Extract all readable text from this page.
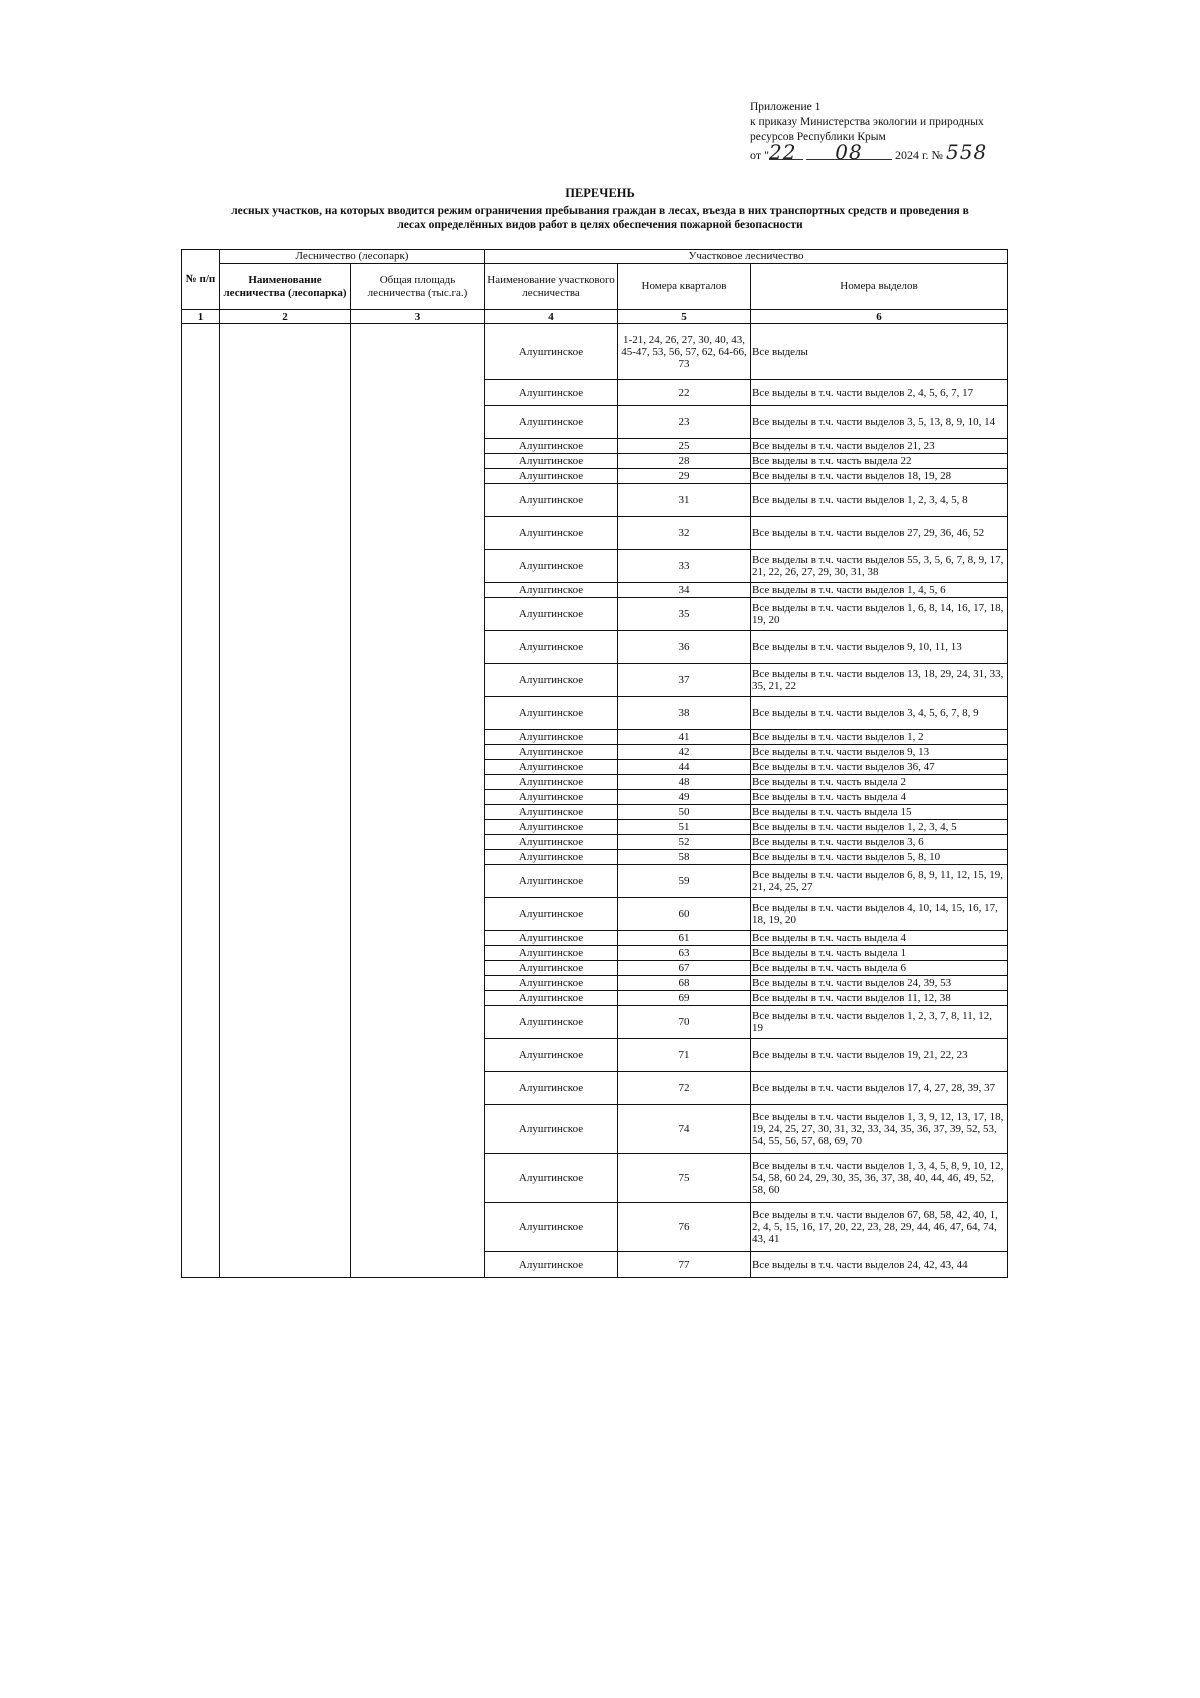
Приложение 1
к приказу Министерства экологии и природных
ресурсов Республики Крым
от "22 08	2024 г. № 558
ПЕРЕЧЕНЬ
лесных участков, на которых вводится режим ограничения пребывания граждан в лесах, въезда в них транспортных средств и проведения в
лесах определённых видов работ в целях обеспечения пожарной безопасности
№ п/п	Лесничество (лесопарк)		Участковое лесничество		
	Наименование лесничества (лесопарка)	Общая площадь лесничества (тыс.га.)	Наименование участкового лесничества	Номера кварталов	Номера выделов
1	2	3	4	5	6
			Алуштинское	1-21, 24, 26, 27, 30, 40, 43, 45-47, 53, 56, 57, 62, 64-66, 73	Все выделы
			Алуштинское	22	Все выделы в т.ч. части выделов 2, 4, 5, 6, 7, 17
			Алуштинское	23	Все выделы в т.ч. части выделов 3, 5, 13, 8, 9, 10, 14
			Алуштинское	25	Все выделы в т.ч. части выделов 21, 23
			Алуштинское	28	Все выделы в т.ч. часть выдела 22
			Алуштинское	29	Все выделы в т.ч. части выделов 18, 19, 28
			Алуштинское	31	Все выделы в т.ч. части выделов 1, 2, 3, 4, 5, 8
			Алуштинское	32	Все выделы в т.ч. части выделов 27, 29, 36, 46, 52
			Алуштинское	33	Все выделы в т.ч. части выделов 55, 3, 5, 6, 7, 8, 9, 17, 21, 22, 26, 27, 29, 30, 31, 38
			Алуштинское	34	Все выделы в т.ч. части выделов 1, 4, 5, 6
			Алуштинское	35	Все выделы в т.ч. части выделов 1, 6, 8, 14, 16, 17, 18, 19, 20
			Алуштинское	36	Все выделы в т.ч. части выделов 9, 10, 11, 13
			Алуштинское	37	Все выделы в т.ч. части выделов 13, 18, 29, 24, 31, 33, 35, 21, 22
			Алуштинское	38	Все выделы в т.ч. части выделов 3, 4, 5, 6, 7, 8, 9
			Алуштинское	41	Все выделы в т.ч. части выделов 1, 2
			Алуштинское	42	Все выделы в т.ч. части выделов 9, 13
			Алуштинское	44	Все выделы в т.ч. части выделов 36, 47
			Алуштинское	48	Все выделы в т.ч. часть выдела 2
			Алуштинское	49	Все выделы в т.ч. часть выдела 4
			Алуштинское	50	Все выделы в т.ч. часть выдела 15
			Алуштинское	51	Все выделы в т.ч. части выделов 1, 2, 3, 4, 5
			Алуштинское	52	Все выделы в т.ч. части выделов 3, 6
			Алуштинское	58	Все выделы в т.ч. части выделов 5, 8, 10
			Алуштинское	59	Все выделы в т.ч. части выделов 6, 8, 9, 11, 12, 15, 19, 21, 24, 25, 27
			Алуштинское	60	Все выделы в т.ч. части выделов 4, 10, 14, 15, 16, 17, 18, 19, 20
			Алуштинское	61	Все выделы в т.ч. часть выдела 4
			Алуштинское	63	Все выделы в т.ч. часть выдела 1
			Алуштинское	67	Все выделы в т.ч. часть выдела 6
			Алуштинское	68	Все выделы в т.ч. части выделов 24, 39, 53
			Алуштинское	69	Все выделы в т.ч. части выделов 11, 12, 38
			Алуштинское	70	Все выделы в т.ч. части выделов 1, 2, 3, 7, 8, 11, 12, 19
			Алуштинское	71	Все выделы в т.ч. части выделов 19, 21, 22, 23
			Алуштинское	72	Все выделы в т.ч. части выделов 17, 4, 27, 28, 39, 37
			Алуштинское	74	Все выделы в т.ч. части выделов 1, 3, 9, 12, 13, 17, 18, 19, 24, 25, 27, 30, 31, 32, 33, 34, 35, 36, 37, 39, 52, 53, 54, 55, 56, 57, 68, 69, 70
			Алуштинское	75	Все выделы в т.ч. части выделов 1, 3, 4, 5, 8, 9, 10, 12, 54, 58, 60 24, 29, 30, 35, 36, 37, 38, 40, 44, 46, 49, 52, 58, 60
			Алуштинское	76	Все выделы в т.ч. части выделов 67, 68, 58, 42, 40, 1, 2, 4, 5, 15, 16, 17, 20, 22, 23, 28, 29, 44, 46, 47, 64, 74, 43, 41
			Алуштинское	77	Все выделы в т.ч. части выделов 24, 42, 43, 44
